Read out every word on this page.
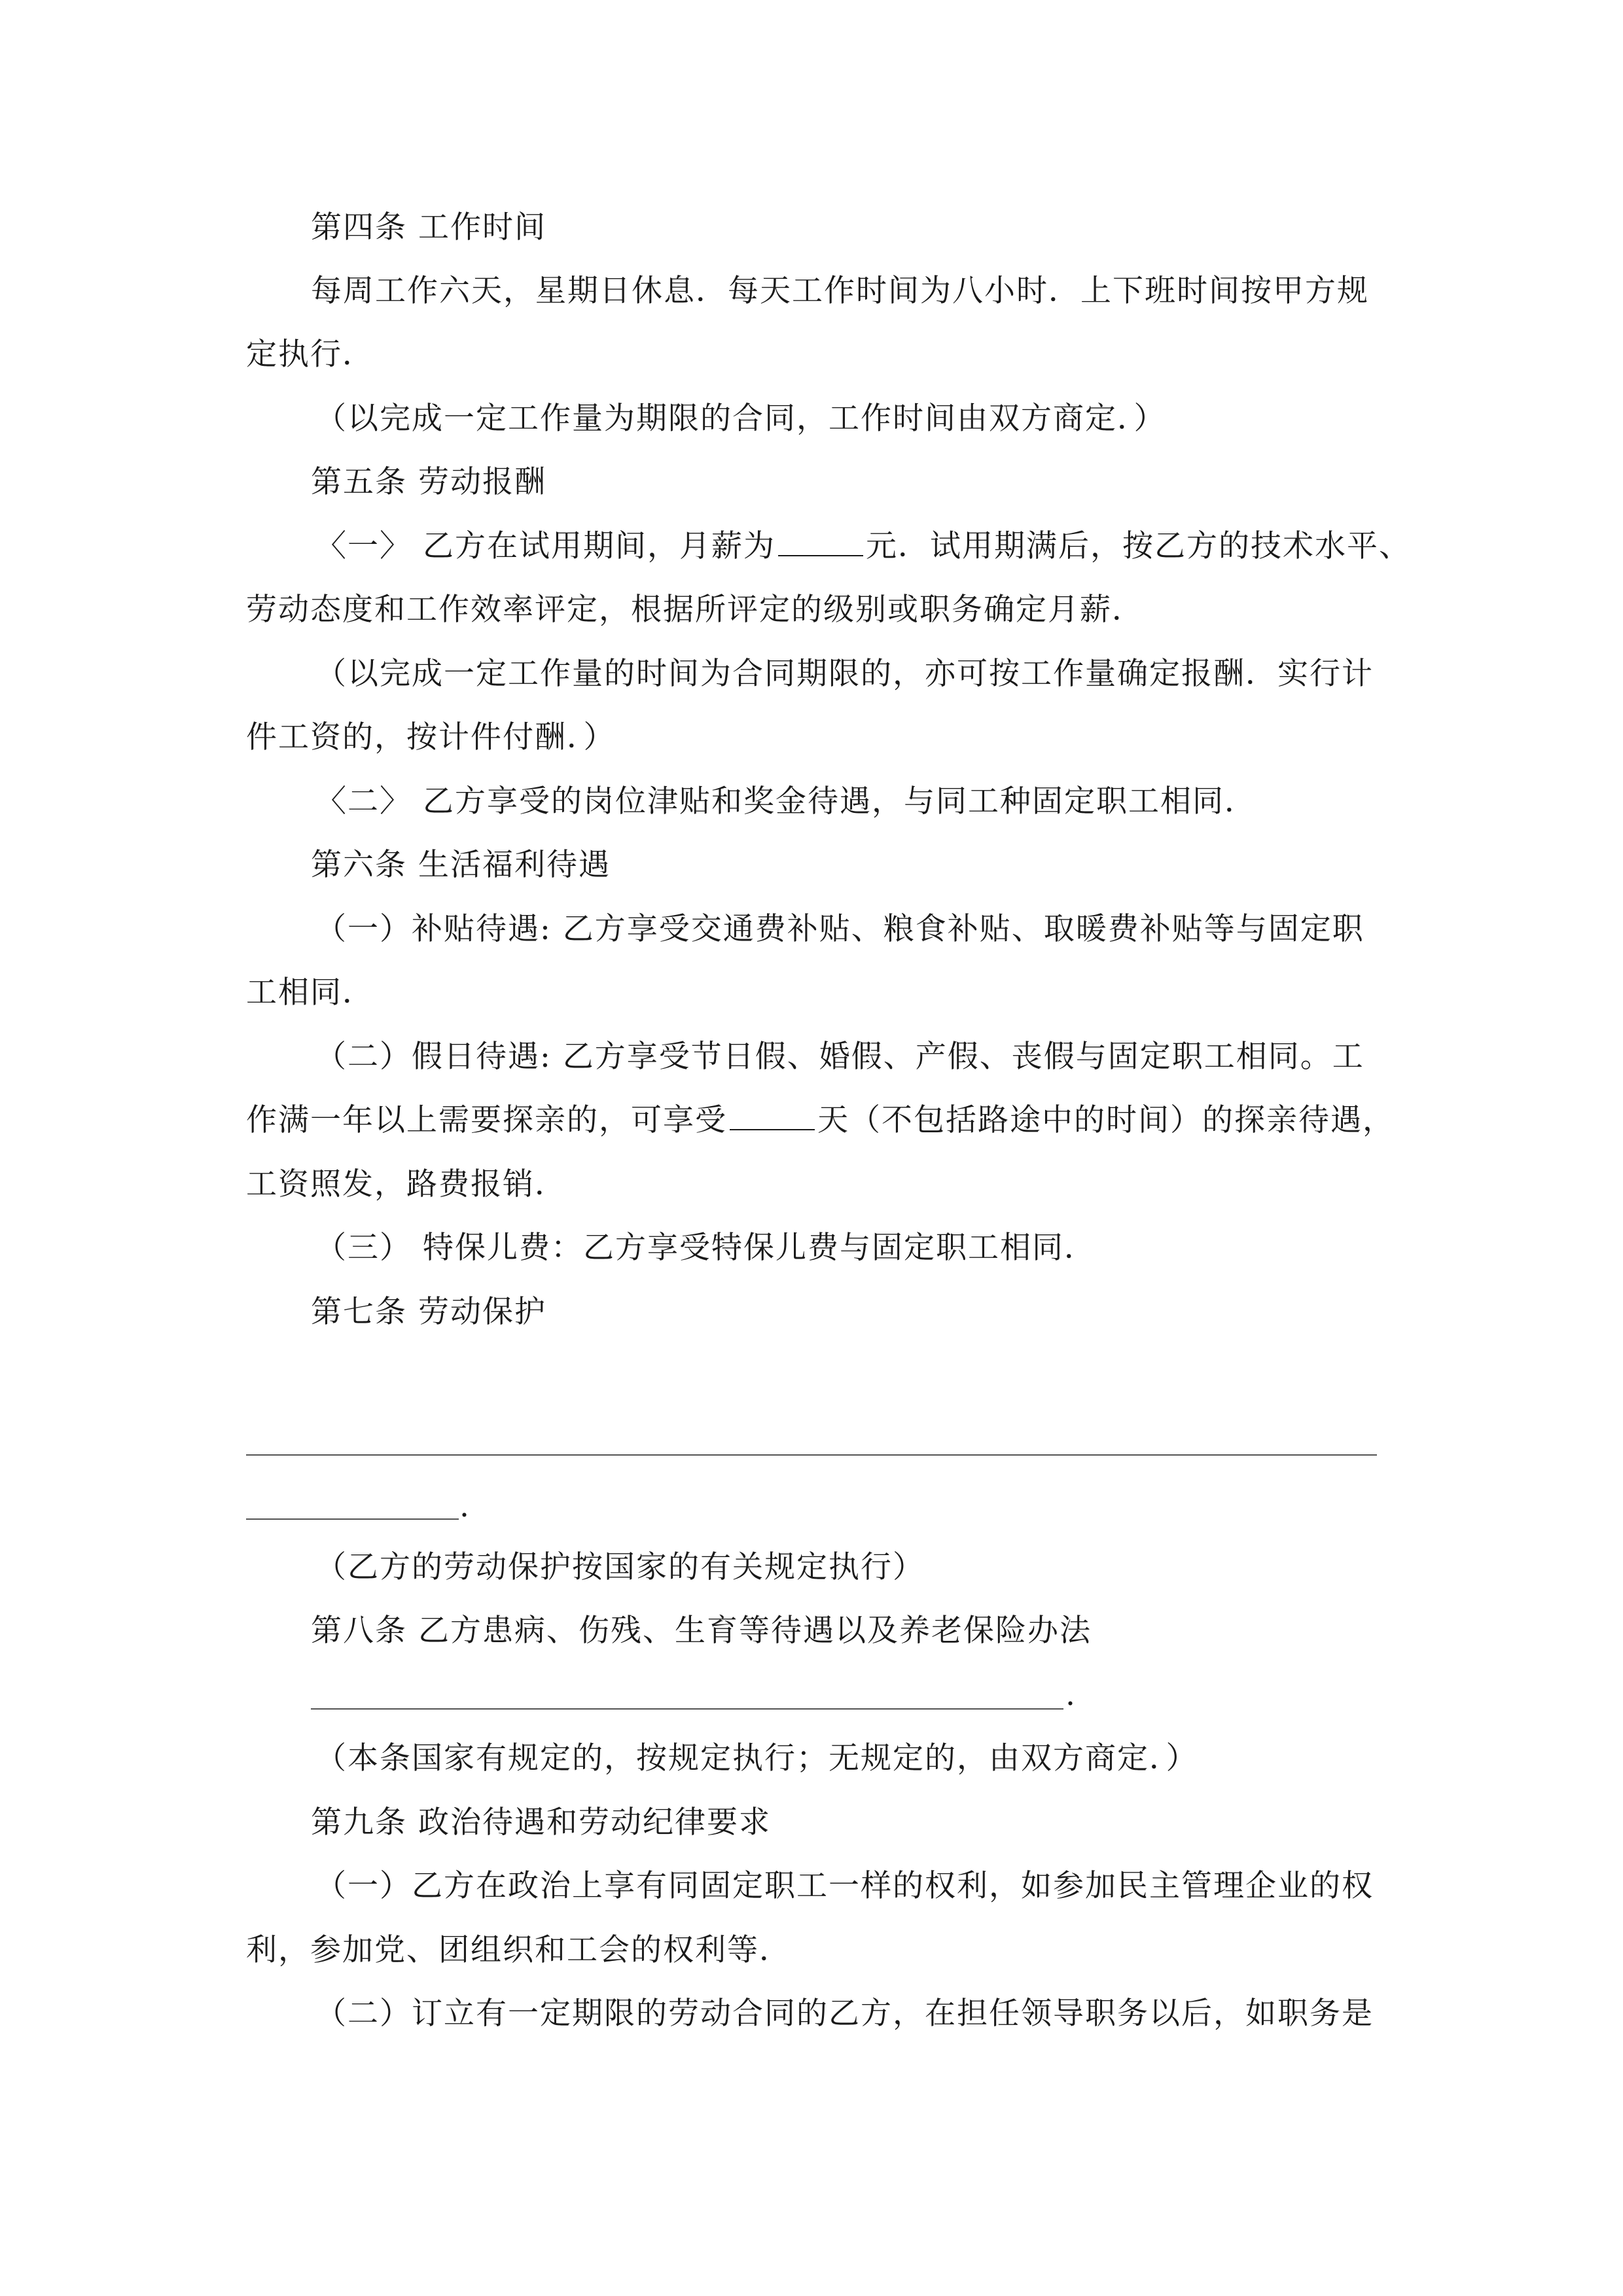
第四条 工作时间
每周工作六天，星期日休息．每天工作时间为八小时．上下班时间按甲方规
定执行．
（以完成一定工作量为期限的合同，工作时间由双方商定．）
第五条 劳动报酬
〈一〉 乙方在试用期间，月薪为	元．试用期满后，按乙方的技术水平、
劳动态度和工作效率评定，根据所评定的级别或职务确定月薪．
（以完成一定工作量的时间为合同期限的，亦可按工作量确定报酬．实行计
件工资的，按计件付酬．）
〈二〉 乙方享受的岗位津贴和奖金待遇，与同工种固定职工相同．
第六条 生活福利待遇
（一）补贴待遇: 乙方享受交通费补贴、粮食补贴、取暖费补贴等与固定职
工相同．
（二）假日待遇: 乙方享受节日假、婚假、产假、丧假与固定职工相同。工
作满一年以上需要探亲的，可享受	天（不包括路途中的时间）的探亲待遇，
工资照发，路费报销．
（三） 特保儿费：乙方享受特保儿费与固定职工相同．
第七条 劳动保护
.
（乙方的劳动保护按国家的有关规定执行）
第八条 乙方患病、伤残、生育等待遇以及养老保险办法
.
（本条国家有规定的，按规定执行；无规定的，由双方商定．）
第九条 政治待遇和劳动纪律要求
（一）乙方在政治上享有同固定职工一样的权利，如参加民主管理企业的权
利，参加党、团组织和工会的权利等．
（二）订立有一定期限的劳动合同的乙方，在担任领导职务以后，如职务是
